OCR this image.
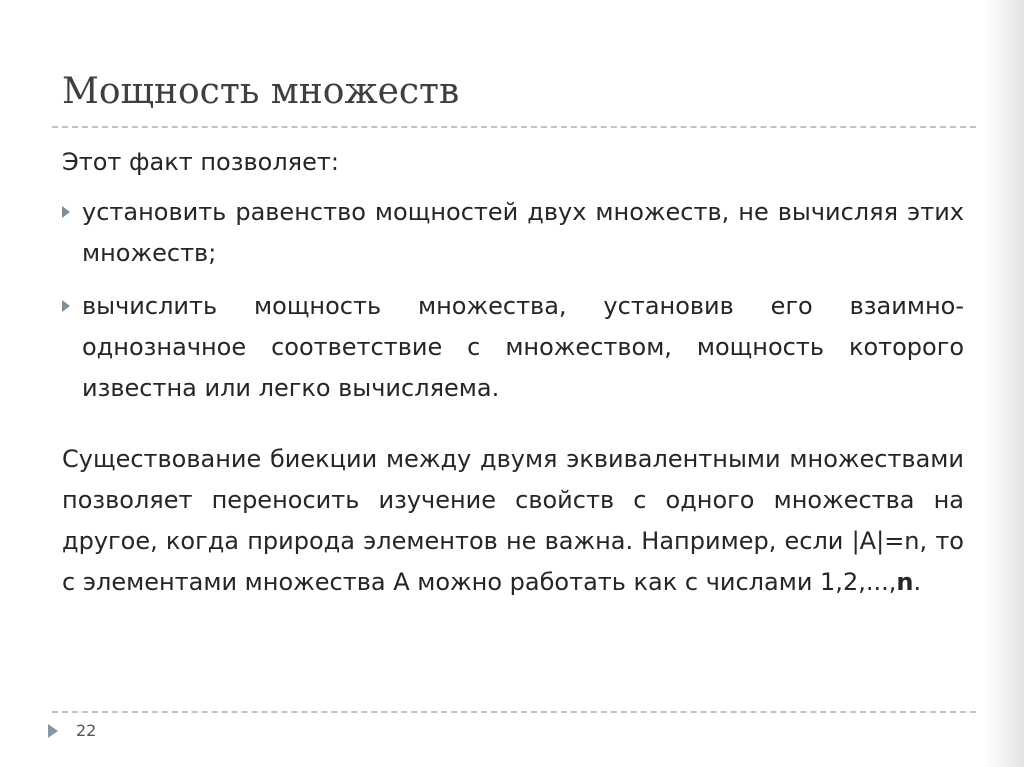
Мощность множеств

Этот факт позволяет:

установить равенство мощностей двух множеств, не вычисляя этих множеств;
вычислить мощность множества, установив его взаимно-однозначное соответствие с множеством, мощность которого известна или легко вычисляема.

Существование биекции между двумя эквивалентными множествами позволяет переносить изучение свойств с одного множества на другое, когда природа элементов не важна. Например, если |A|=n, то с элементами множества A можно работать как с числами 1,2,...,n.

22
